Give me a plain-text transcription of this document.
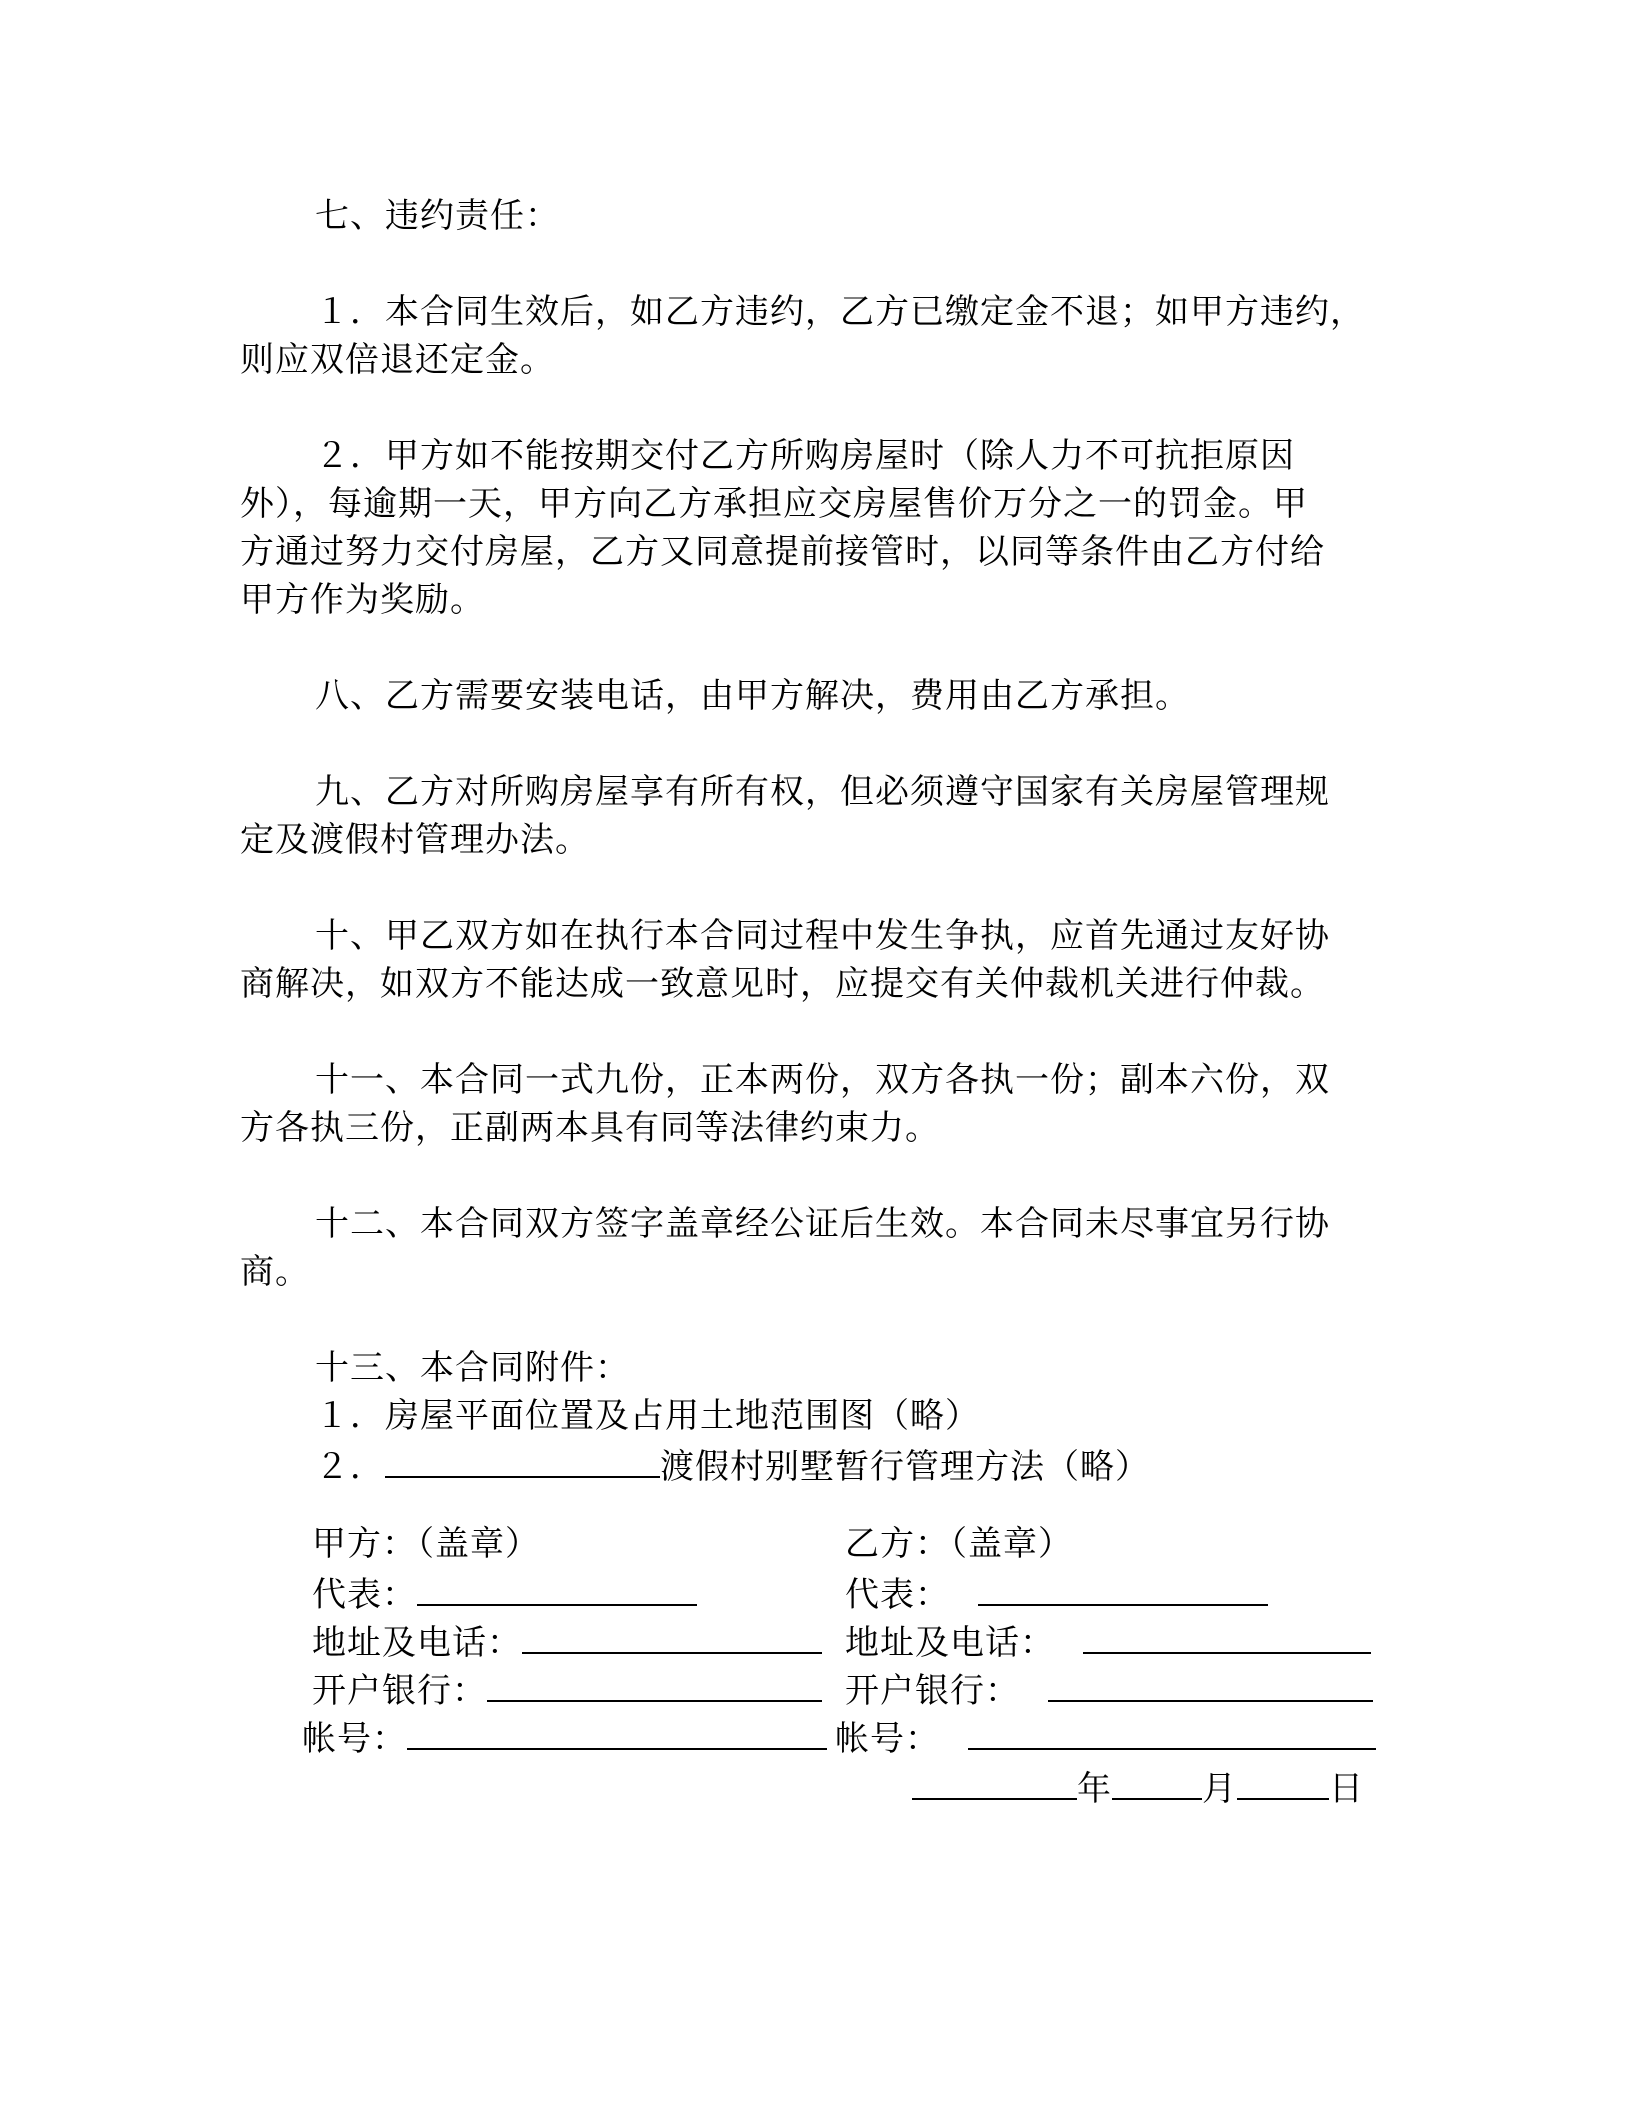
七、违约责任：
１．本合同生效后，如乙方违约，乙方已缴定金不退；如甲方违约，
则应双倍退还定金。
２．甲方如不能按期交付乙方所购房屋时（除人力不可抗拒原因
外），每逾期一天，甲方向乙方承担应交房屋售价万分之一的罚金。甲
方通过努力交付房屋，乙方又同意提前接管时，以同等条件由乙方付给
甲方作为奖励。
八、乙方需要安装电话，由甲方解决，费用由乙方承担。
九、乙方对所购房屋享有所有权，但必须遵守国家有关房屋管理规
定及渡假村管理办法。
十、甲乙双方如在执行本合同过程中发生争执，应首先通过友好协
商解决，如双方不能达成一致意见时，应提交有关仲裁机关进行仲裁。
十一、本合同一式九份，正本两份，双方各执一份；副本六份，双
方各执三份，正副两本具有同等法律约束力。
十二、本合同双方签字盖章经公证后生效。本合同未尽事宜另行协
商。
十三、本合同附件：
１．房屋平面位置及占用土地范围图（略）
２．	渡假村别墅暂行管理方法（略）
甲方：（盖章）	乙方：（盖章）
代表：	代表：
地址及电话：	地址及电话：
开户银行：	开户银行：
帐号：	帐号：
年	月	日
